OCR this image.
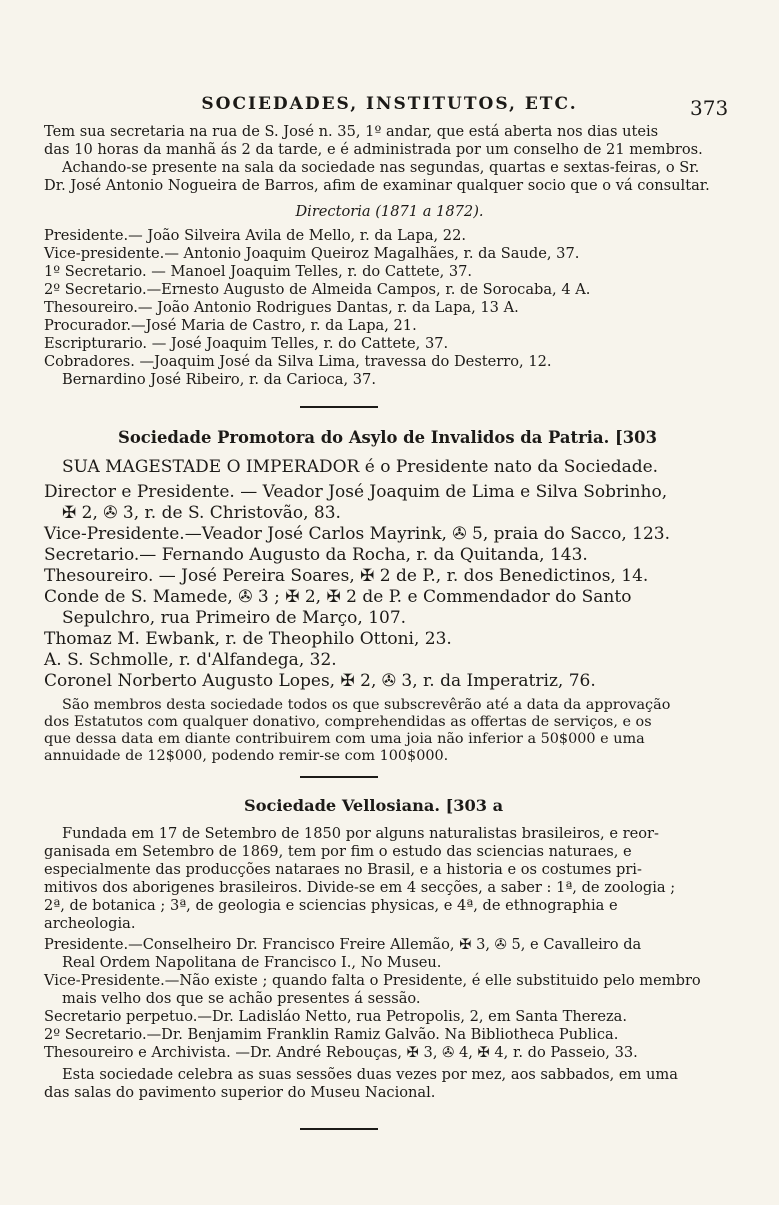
SOCIEDADES, INSTITUTOS, ETC.	373
Tem sua secretaria na rua de S. José n. 35, 1º andar, que está aberta nos dias uteis
das 10 horas da manhã ás 2 da tarde, e é administrada por um conselho de 21 membros.
Achando-se presente na sala da sociedade nas segundas, quartas e sextas-feiras, o Sr.
Dr. José Antonio Nogueira de Barros, afim de examinar qualquer socio que o vá consultar.
Directoria (1871 a 1872).
Presidente.— João Silveira Avila de Mello, r. da Lapa, 22.
Vice-presidente.— Antonio Joaquim Queiroz Magalhães, r. da Saude, 37.
1º Secretario. — Manoel Joaquim Telles, r. do Cattete, 37.
2º Secretario.—Ernesto Augusto de Almeida Campos, r. de Sorocaba, 4 A.
Thesoureiro.— João Antonio Rodrigues Dantas, r. da Lapa, 13 A.
Procurador.—José Maria de Castro, r. da Lapa, 21.
Escripturario. — José Joaquim Telles, r. do Cattete, 37.
Cobradores. —Joaquim José da Silva Lima, travessa do Desterro, 12.
Bernardino José Ribeiro, r. da Carioca, 37.
Sociedade Promotora do Asylo de Invalidos da Patria. [303
SUA MAGESTADE O IMPERADOR é o Presidente nato da Sociedade.
Director e Presidente. — Veador José Joaquim de Lima e Silva Sobrinho,
✠ 2, ✇ 3, r. de S. Christovão, 83.
Vice-Presidente.—Veador José Carlos Mayrink, ✇ 5, praia do Sacco, 123.
Secretario.— Fernando Augusto da Rocha, r. da Quitanda, 143.
Thesoureiro. — José Pereira Soares, ✠ 2 de P., r. dos Benedictinos, 14.
Conde de S. Mamede, ✇ 3 ; ✠ 2, ✠ 2 de P. e Commendador do Santo
Sepulchro, rua Primeiro de Março, 107.
Thomaz M. Ewbank, r. de Theophilo Ottoni, 23.
A. S. Schmolle, r. d'Alfandega, 32.
Coronel Norberto Augusto Lopes, ✠ 2, ✇ 3, r. da Imperatriz, 76.
São membros desta sociedade todos os que subscrevêrão até a data da approvação
dos Estatutos com qualquer donativo, comprehendidas as offertas de serviços, e os
que dessa data em diante contribuirem com uma joia não inferior a 50$000 e uma
annuidade de 12$000, podendo remir-se com 100$000.
Sociedade Vellosiana. [303 a
Fundada em 17 de Setembro de 1850 por alguns naturalistas brasileiros, e reor-
ganisada em Setembro de 1869, tem por fim o estudo das sciencias naturaes, e
especialmente das producções nataraes no Brasil, e a historia e os costumes pri-
mitivos dos aborigenes brasileiros. Divide-se em 4 secções, a saber : 1ª, de zoologia ;
2ª, de botanica ; 3ª, de geologia e sciencias physicas, e 4ª, de ethnographia e
archeologia.
Presidente.—Conselheiro Dr. Francisco Freire Allemão, ✠ 3, ✇ 5, e Cavalleiro da
Real Ordem Napolitana de Francisco I., No Museu.
Vice-Presidente.—Não existe ; quando falta o Presidente, é elle substituido pelo membro
mais velho dos que se achão presentes á sessão.
Secretario perpetuo.—Dr. Ladisláo Netto, rua Petropolis, 2, em Santa Thereza.
2º Secretario.—Dr. Benjamim Franklin Ramiz Galvão. Na Bibliotheca Publica.
Thesoureiro e Archivista. —Dr. André Rebouças, ✠ 3, ✇ 4, ✠ 4, r. do Passeio, 33.
Esta sociedade celebra as suas sessões duas vezes por mez, aos sabbados, em uma
das salas do pavimento superior do Museu Nacional.
